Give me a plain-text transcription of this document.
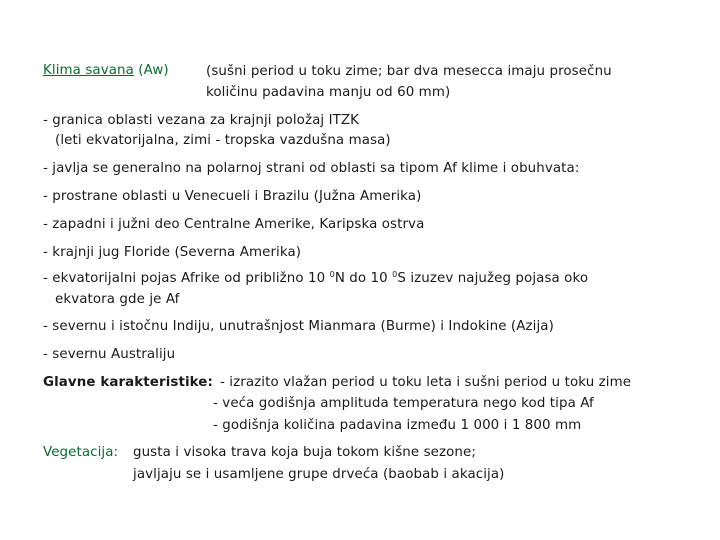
Klima savana (Aw)	(sušni period u toku zime; bar dva mesecca imaju prosečnu
količinu padavina manju od 60 mm)
- granica oblasti vezana za krajnji položaj ITZK
(leti ekvatorijalna, zimi - tropska vazdušna masa)
- javlja se generalno na polarnoj strani od oblasti sa tipom Af klime i obuhvata:
- prostrane oblasti u Venecueli i Brazilu (Južna Amerika)
- zapadni i južni deo Centralne Amerike, Karipska ostrva
- krajnji jug Floride (Severna Amerika)
- ekvatorijalni pojas Afrike od približno 10 $^0$N do 10 $^0$S izuzev najužeg pojasa oko
ekvatora gde je Af
- severnu i istočnu Indiju, unutrašnjost Mianmara (Burme) i Indokine (Azija)
- severnu Australiju
Glavne karakteristike: - izrazito vlažan period u toku leta i sušni period u toku zime
- veća godišnja amplituda temperatura nego kod tipa Af
- godišnja količina padavina između 1 000 i 1 800 mm
Vegetacija: gusta i visoka trava koja buja tokom kišne sezone;
javljaju se i usamljene grupe drveća (baobab i akacija)
